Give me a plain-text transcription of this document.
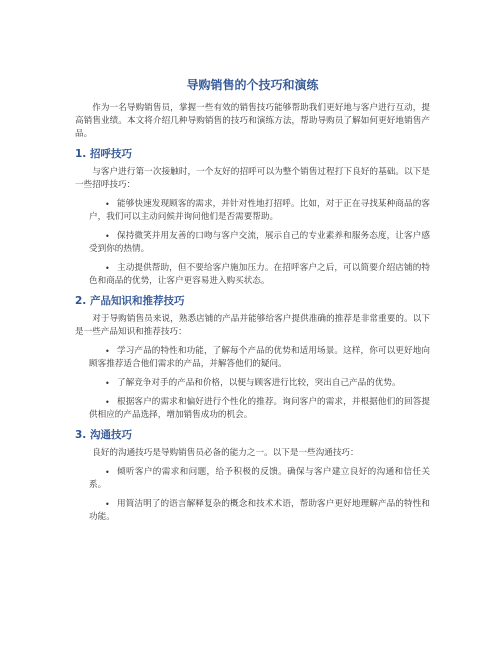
导购销售的个技巧和演练

作为一名导购销售员，掌握一些有效的销售技巧能够帮助我们更好地与客户进行互动，提高销售业绩。本文将介绍几种导购销售的技巧和演练方法，帮助导购员了解如何更好地销售产品。

1. 招呼技巧

与客户进行第一次接触时，一个友好的招呼可以为整个销售过程打下良好的基础。以下是一些招呼技巧：

• 能够快速发现顾客的需求，并针对性地打招呼。比如，对于正在寻找某种商品的客户，我们可以主动问候并询问他们是否需要帮助。
• 保持微笑并用友善的口吻与客户交流，展示自己的专业素养和服务态度，让客户感受到你的热情。
• 主动提供帮助，但不要给客户施加压力。在招呼客户之后，可以简要介绍店铺的特色和商品的优势，让客户更容易进入购买状态。
2. 产品知识和推荐技巧

对于导购销售员来说，熟悉店铺的产品并能够给客户提供准确的推荐是非常重要的。以下是一些产品知识和推荐技巧：

• 学习产品的特性和功能，了解每个产品的优势和适用场景。这样，你可以更好地向顾客推荐适合他们需求的产品，并解答他们的疑问。
• 了解竞争对手的产品和价格，以便与顾客进行比较，突出自己产品的优势。
• 根据客户的需求和偏好进行个性化的推荐。询问客户的需求，并根据他们的回答提供相应的产品选择，增加销售成功的机会。
3. 沟通技巧

良好的沟通技巧是导购销售员必备的能力之一。以下是一些沟通技巧：

• 倾听客户的需求和问题，给予积极的反馈。确保与客户建立良好的沟通和信任关系。
• 用简洁明了的语言解释复杂的概念和技术术语，帮助客户更好地理解产品的特性和功能。
